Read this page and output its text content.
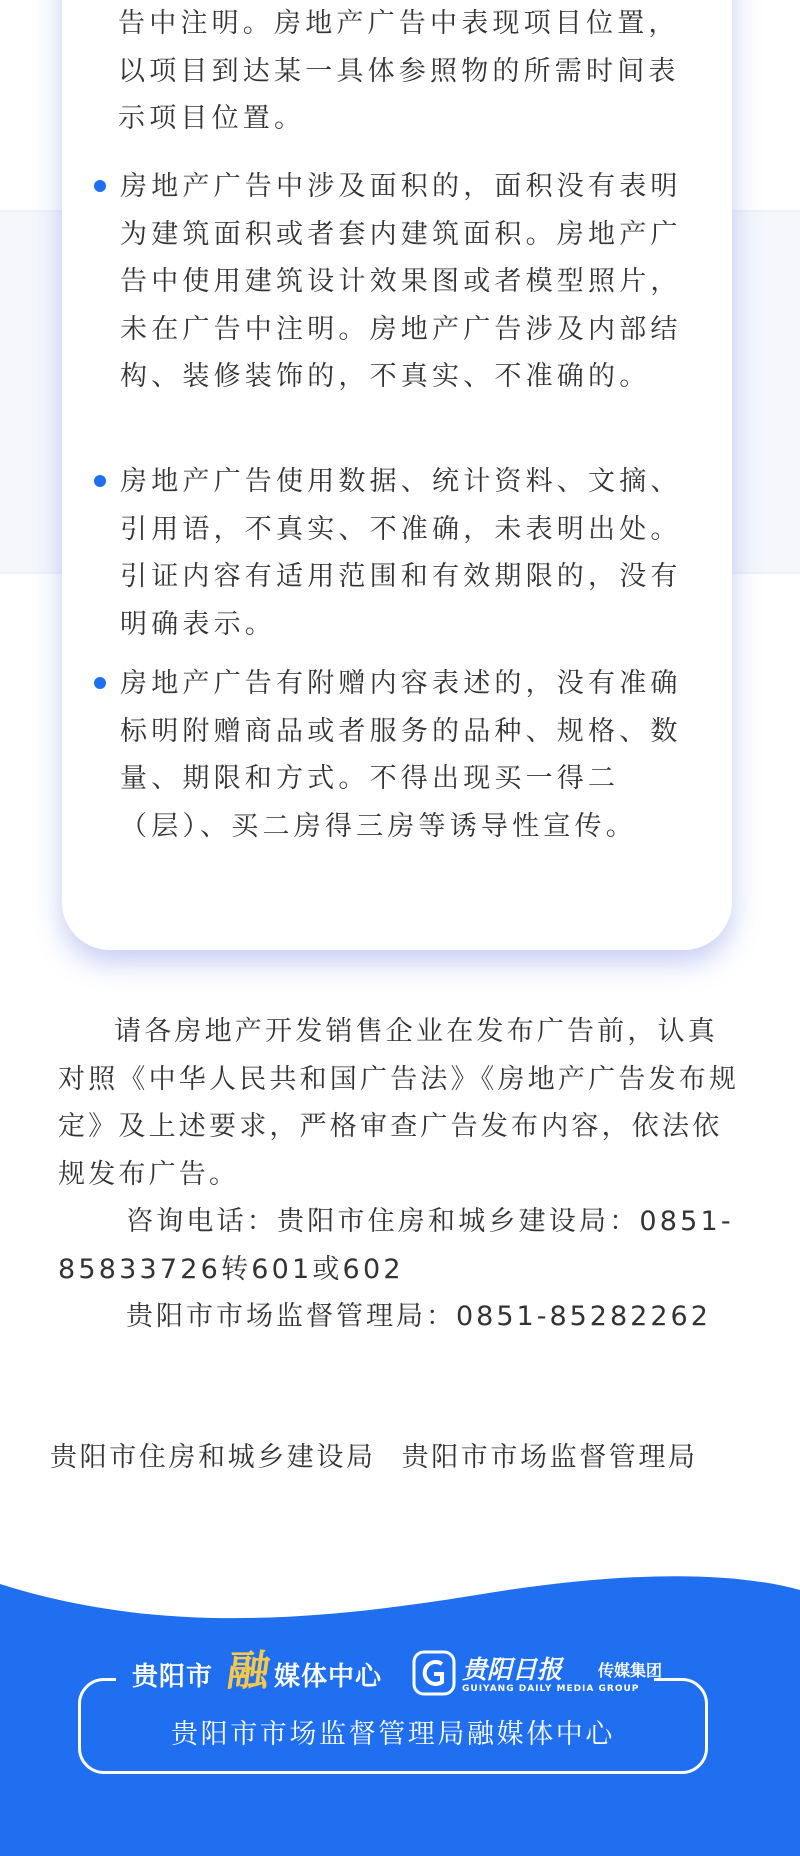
告中注明。房地产广告中表现项目位置，以项目到达某一具体参照物的所需时间表示项目位置。
房地产广告中涉及面积的，面积没有表明为建筑面积或者套内建筑面积。房地产广告中使用建筑设计效果图或者模型照片，未在广告中注明。房地产广告涉及内部结构、装修装饰的，不真实、不准确的。
房地产广告使用数据、统计资料、文摘、引用语，不真实、不准确，未表明出处。引证内容有适用范围和有效期限的，没有明确表示。
房地产广告有附赠内容表述的，没有准确标明附赠商品或者服务的品种、规格、数量、期限和方式。不得出现买一得二（层）、买二房得三房等诱导性宣传。
请各房地产开发销售企业在发布广告前，认真对照《中华人民共和国广告法》《房地产广告发布规定》及上述要求，严格审查广告发布内容，依法依规发布广告。
咨询电话：贵阳市住房和城乡建设局：0851-85833726转601或602
贵阳市市场监督管理局：0851-85282262
贵阳市住房和城乡建设局 贵阳市市场监督管理局
贵阳市 融 媒体中心	贵阳日报 传媒集团
GUIYANG DAILY MEDIA GROUP
贵阳市市场监督管理局融媒体中心
